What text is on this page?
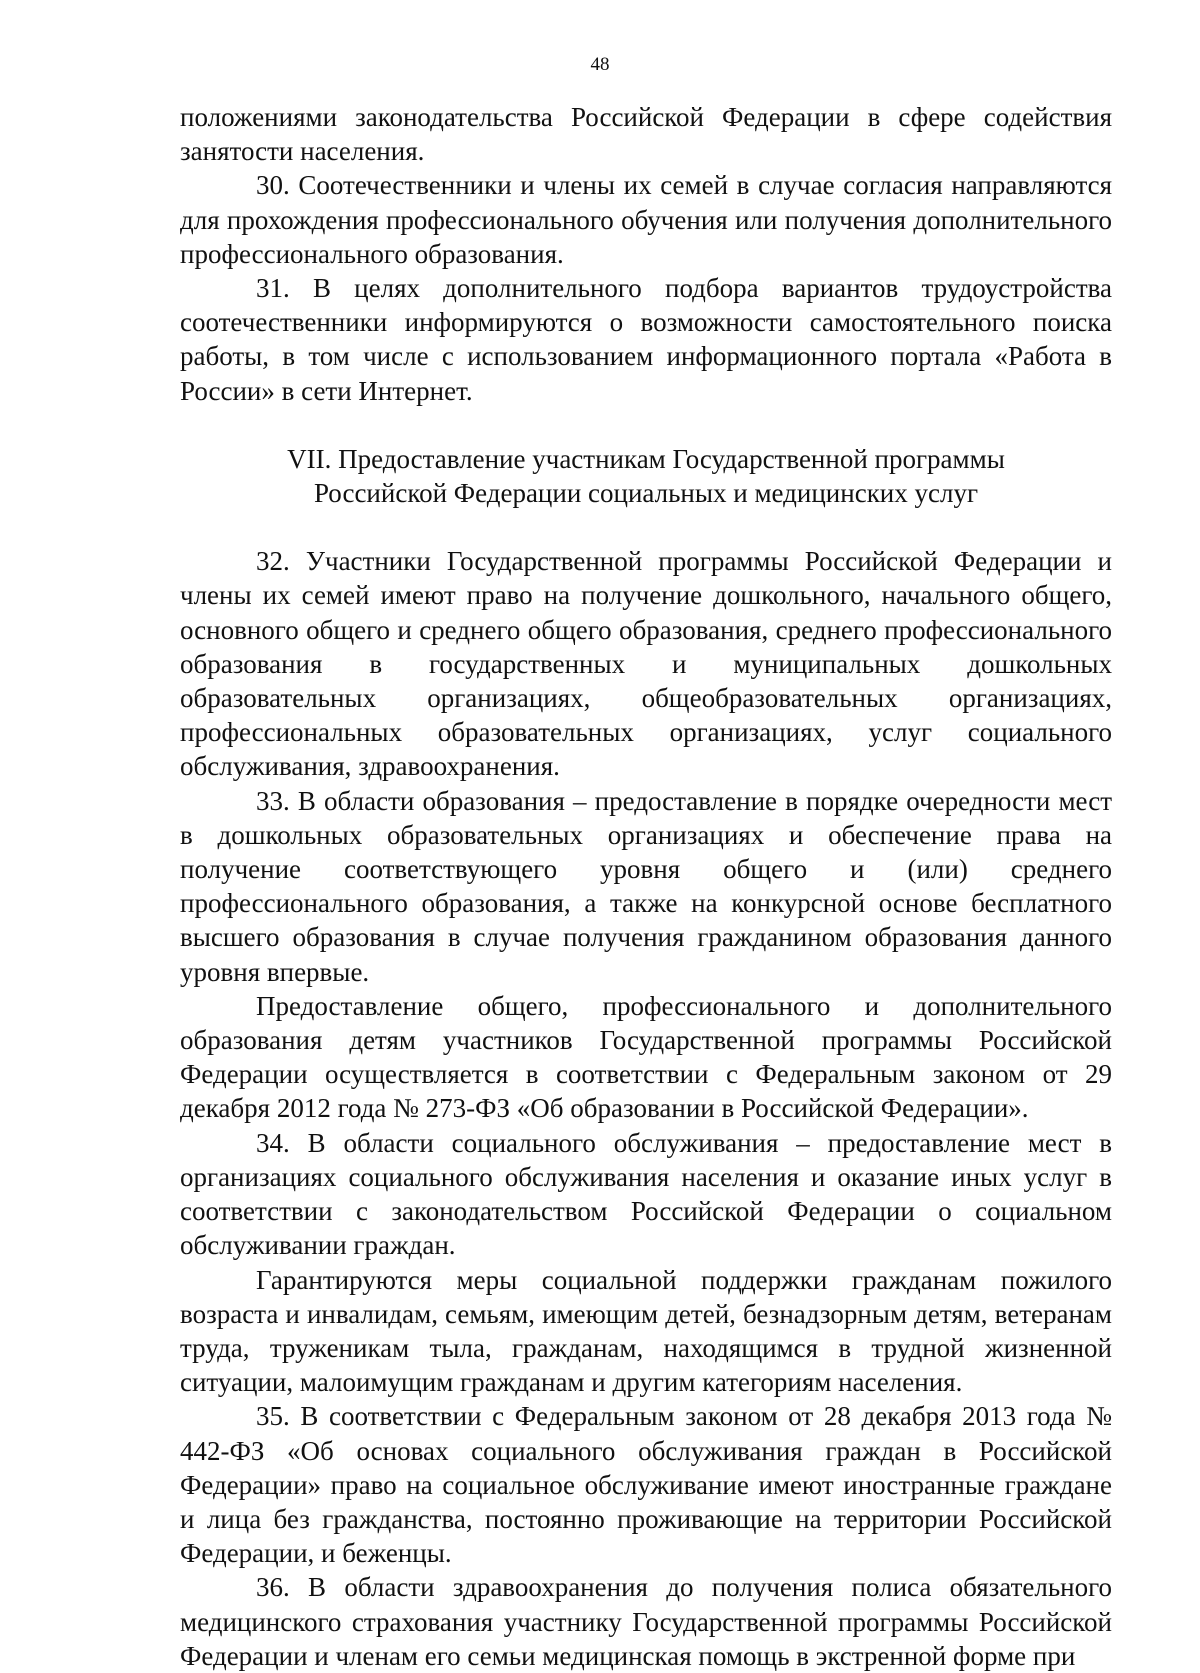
48

положениями законодательства Российской Федерации в сфере содействия занятости населения.

30. Соотечественники и члены их семей в случае согласия направляются для прохождения профессионального обучения или получения дополнительного профессионального образования.

31. В целях дополнительного подбора вариантов трудоустройства соотечественники информируются о возможности самостоятельного поиска работы, в том числе с использованием информационного портала «Работа в России» в сети Интернет.

VII. Предоставление участникам Государственной программы
Российской Федерации социальных и медицинских услуг

32. Участники Государственной программы Российской Федерации и члены их семей имеют право на получение дошкольного, начального общего, основного общего и среднего общего образования, среднего профессионального образования в государственных и муниципальных дошкольных образовательных организациях, общеобразовательных организациях, профессиональных образовательных организациях, услуг социального обслуживания, здравоохранения.

33. В области образования – предоставление в порядке очередности мест в дошкольных образовательных организациях и обеспечение права на получение соответствующего уровня общего и (или) среднего профессионального образования, а также на конкурсной основе бесплатного высшего образования в случае получения гражданином образования данного уровня впервые.

Предоставление общего, профессионального и дополнительного образования детям участников Государственной программы Российской Федерации осуществляется в соответствии с Федеральным законом от 29 декабря 2012 года № 273-ФЗ «Об образовании в Российской Федерации».

34. В области социального обслуживания – предоставление мест в организациях социального обслуживания населения и оказание иных услуг в соответствии с законодательством Российской Федерации о социальном обслуживании граждан.

Гарантируются меры социальной поддержки гражданам пожилого возраста и инвалидам, семьям, имеющим детей, безнадзорным детям, ветеранам труда, труженикам тыла, гражданам, находящимся в трудной жизненной ситуации, малоимущим гражданам и другим категориям населения.

35. В соответствии с Федеральным законом от 28 декабря 2013 года № 442-ФЗ «Об основах социального обслуживания граждан в Российской Федерации» право на социальное обслуживание имеют иностранные граждане и лица без гражданства, постоянно проживающие на территории Российской Федерации, и беженцы.

36. В области здравоохранения до получения полиса обязательного медицинского страхования участнику Государственной программы Российской Федерации и членам его семьи медицинская помощь в экстренной форме при
